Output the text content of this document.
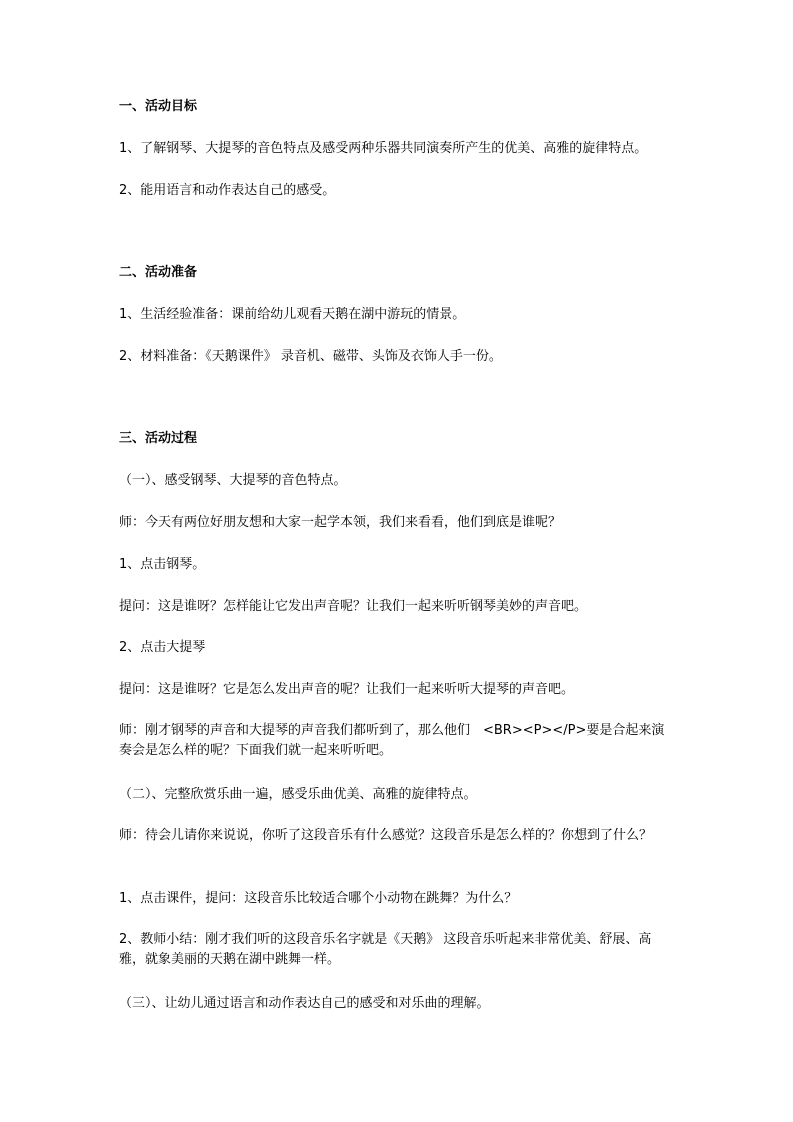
一、活动目标
1、了解钢琴、大提琴的音色特点及感受两种乐器共同演奏所产生的优美、高雅的旋律特点。
2、能用语言和动作表达自己的感受。
二、活动准备
1、生活经验准备：课前给幼儿观看天鹅在湖中游玩的情景。
2、材料准备：《天鹅课件》 录音机、磁带、头饰及衣饰人手一份。
三、活动过程
（一）、感受钢琴、大提琴的音色特点。
师：今天有两位好朋友想和大家一起学本领，我们来看看，他们到底是谁呢？
1、点击钢琴。
提问：这是谁呀？怎样能让它发出声音呢？让我们一起来听听钢琴美妙的声音吧。
2、点击大提琴
提问：这是谁呀？它是怎么发出声音的呢？让我们一起来听听大提琴的声音吧。
师：刚才钢琴的声音和大提琴的声音我们都听到了，那么他们　<BR><P></P>要是合起来演奏会是怎么样的呢？下面我们就一起来听听吧。
（二）、完整欣赏乐曲一遍，感受乐曲优美、高雅的旋律特点。
师：待会儿请你来说说，你听了这段音乐有什么感觉？这段音乐是怎么样的？你想到了什么？
1、点击课件，提问：这段音乐比较适合哪个小动物在跳舞？为什么？
2、教师小结：刚才我们听的这段音乐名字就是《天鹅》 这段音乐听起来非常优美、舒展、高雅，就象美丽的天鹅在湖中跳舞一样。
（三）、让幼儿通过语言和动作表达自己的感受和对乐曲的理解。
